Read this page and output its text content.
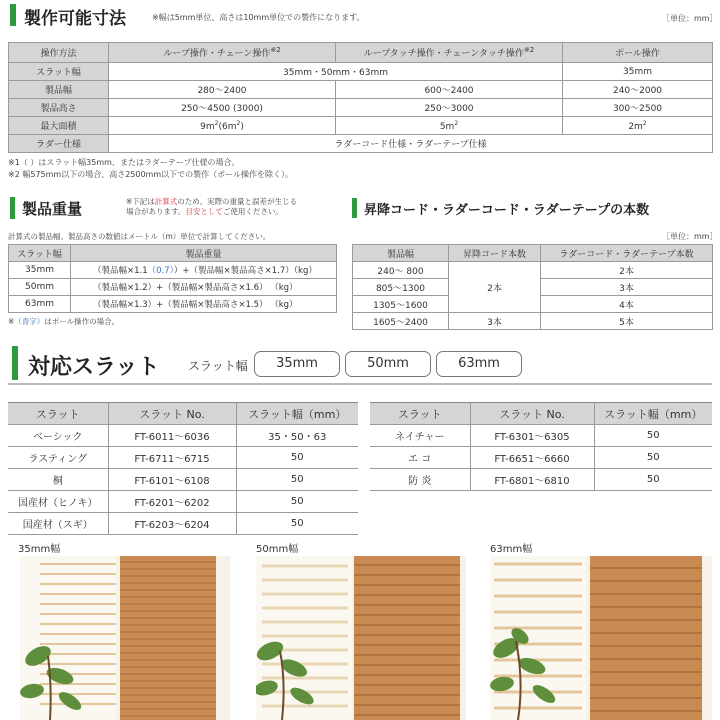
製作可能寸法	※幅は5mm単位、高さは10mm単位での製作になります。	［単位：mm］
操作方法	ループ操作・チェーン操作$^{※2}$	ループタッチ操作・チェーンタッチ操作$^{※2}$	ポール操作
スラット幅	35mm・50mm・63mm		35mm
製品幅	280～2400	600～2400	240～2000
製品高さ	250～4500 (3000)	250～3000	300～2500
最大面積	$9m^2(6m^2)$	$5m^2$	$2m^2$
ラダー仕様	ラダーコード仕様・ラダーテープ仕様		
※1（ ）はスラット幅35mm、またはラダーテープ仕様の場合。
※2 幅575mm以下の場合、高さ2500mm以下での製作（ポール操作を除く）。
製品重量	※下記は計算式のため、実際の重量と誤差が生じる
場合があります。目安としてご使用ください。
計算式の製品幅、製品高さの数値はメートル（m）単位で計算してください。
スラット幅	製品重量
35mm	（製品幅×1.1（0.7））+（製品幅×製品高さ×1.7）（kg）
50mm	（製品幅×1.2）+（製品幅×製品高さ×1.6） （kg）
63mm	（製品幅×1.3）+（製品幅×製品高さ×1.5） （kg）
※（青字）はポール操作の場合。
昇降コード・ラダーコード・ラダーテープの本数
［単位：mm］
製品幅	昇降コード本数	ラダーコード・ラダーテープ本数
240～ 800	2本	2本
805～1300		3本
1305～1600		4本
1605～2400	3本	5本
対応スラット スラット幅	35mm	50mm	63mm
スラット	スラット No.	スラット幅（mm）
ベーシック	FT-6011～6036	35・50・63
ラスティング	FT-6711～6715	50
桐	FT-6101～6108	50
国産材（ヒノキ）	FT-6201～6202	50
国産材（スギ）	FT-6203～6204	50
スラット	スラット No.	スラット幅（mm）
ネイチャー	FT-6301～6305	50
エ コ	FT-6651～6660	50
防 炎	FT-6801～6810	50
35mm幅	50mm幅	63mm幅
